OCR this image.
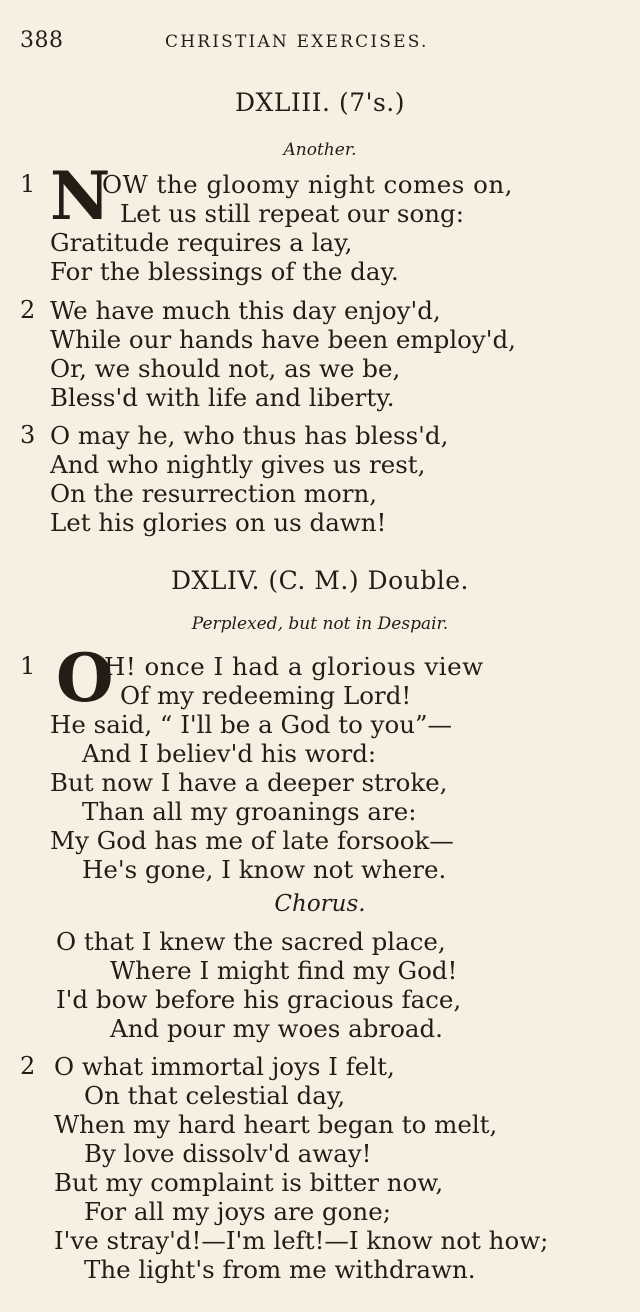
388	CHRISTIAN EXERCISES.
DXLIII. (7's.)
Another.
1 N
OW the gloomy night comes on,
Let us still repeat our song:
Gratitude requires a lay,
For the blessings of the day.
2 We have much this day enjoy'd,
While our hands have been employ'd,
Or, we should not, as we be,
Bless'd with life and liberty.
3 O may he, who thus has bless'd,
And who nightly gives us rest,
On the resurrection morn,
Let his glories on us dawn!
DXLIV. (C. M.) Double.
Perplexed, but not in Despair.
1 O
H! once I had a glorious view
Of my redeeming Lord!
He said, “ I'll be a God to you”—
And I believ'd his word:
But now I have a deeper stroke,
Than all my groanings are:
My God has me of late forsook—
He's gone, I know not where.
Chorus.
O that I knew the sacred place,
Where I might find my God!
I'd bow before his gracious face,
And pour my woes abroad.
2 O what immortal joys I felt,
On that celestial day,
When my hard heart began to melt,
By love dissolv'd away!
But my complaint is bitter now,
For all my joys are gone;
I've stray'd!—I'm left!—I know not how;
The light's from me withdrawn.
